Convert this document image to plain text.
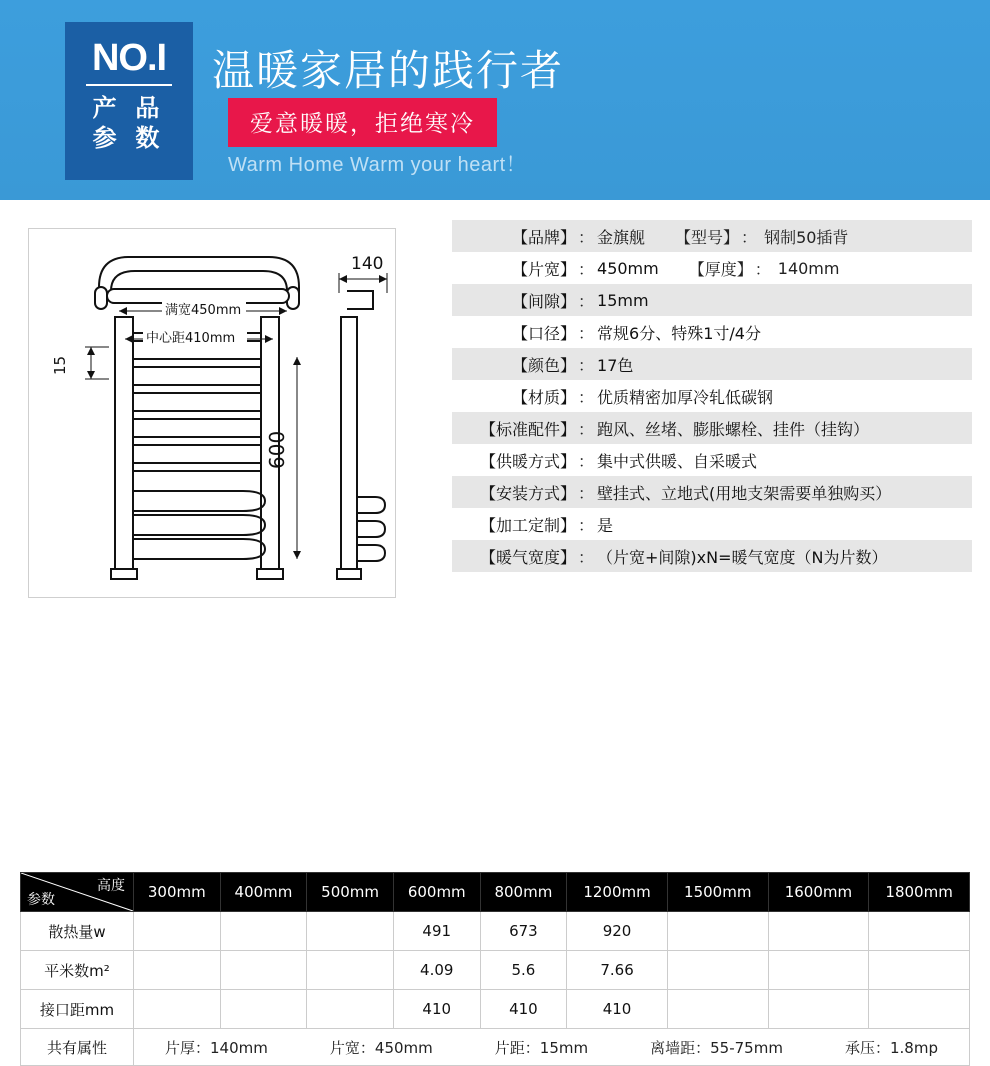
NO.I
产 品
参 数
温暖家居的践行者
爱意暖暖，拒绝寒冷
Warm Home Warm your heart！
满宽450mm
中心距410mm
140
15
600
【品牌】 ： 金旗舰 【型号】 ： 钢制50插背
【片宽】 ： 450mm 【厚度】 ： 140mm
【间隙】 ： 15mm
【口径】 ： 常规6分、特殊1寸/4分
【颜色】 ： 17色
【材质】 ： 优质精密加厚冷轧低碳钢
【标准配件】 ： 跑风、丝堵、膨胀螺栓、挂件（挂钩）
【供暖方式】 ： 集中式供暖、自采暖式
【安装方式】 ： 壁挂式、立地式(用地支架需要单独购买）
【加工定制】 ： 是
【暖气宽度】 ： （片宽+间隙)xN=暖气宽度（N为片数）
高度
参数	300mm	400mm	500mm	600mm	800mm	1200mm	1500mm	1600mm	1800mm
散热量w				491	673	920			
平米数m²				4.09	5.6	7.66			
接口距mm				410	410	410			
共有属性	片厚：140mm 片宽：450mm 片距：15mm 离墙距：55-75mm 承压：1.8mp								
